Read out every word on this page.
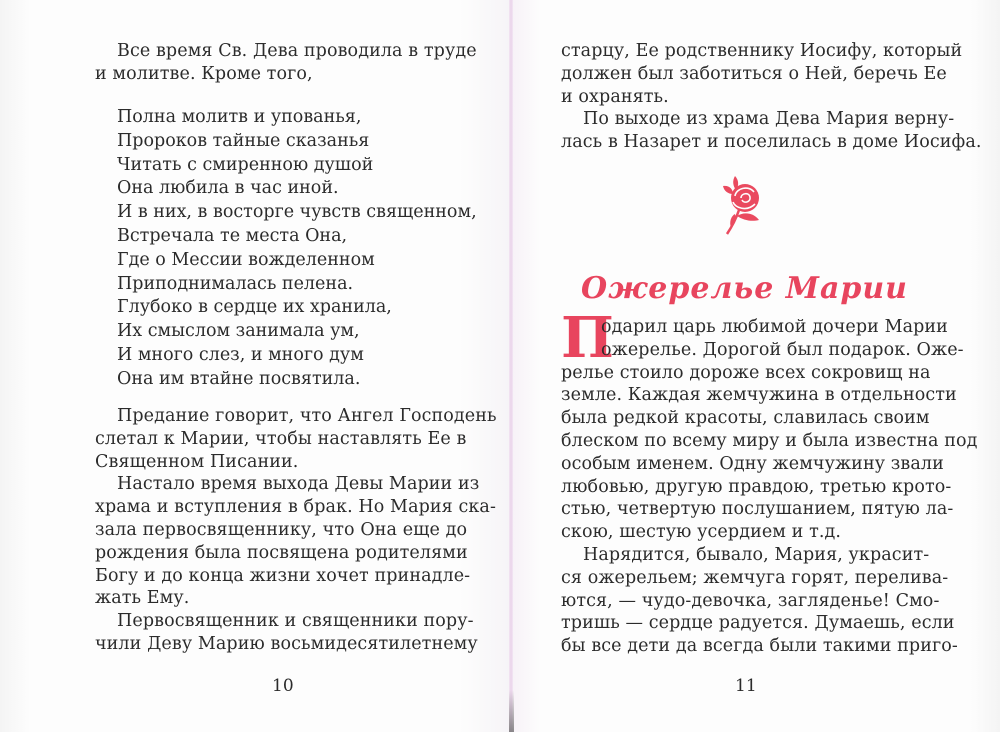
Все время Св. Дева проводила в труде
и молитве. Кроме того,
Полна молитв и упованья,
Пророков тайные сказанья
Читать с смиренною душой
Она любила в час иной.
И в них, в восторге чувств священном,
Встречала те места Она,
Где о Мессии вожделенном
Приподнималась пелена.
Глубоко в сердце их хранила,
Их смыслом занимала ум,
И много слез, и много дум
Она им втайне посвятила.
Предание говорит, что Ангел Господень
слетал к Марии, чтобы наставлять Ее в
Священном Писании.
Настало время выхода Девы Марии из
храма и вступления в брак. Но Мария ска-
зала первосвященнику, что Она еще до
рождения была посвящена родителями
Богу и до конца жизни хочет принадле-
жать Ему.
Первосвященник и священники пору-
чили Деву Марию восьмидесятилетнему
10
старцу, Ее родственнику Иосифу, который
должен был заботиться о Ней, беречь Ее
и охранять.
По выходе из храма Дева Мария верну-
лась в Назарет и поселилась в доме Иосифа.
Ожерелье Марии
П
одарил царь любимой дочери Марии
ожерелье. Дорогой был подарок. Оже-
релье стоило дороже всех сокровищ на
земле. Каждая жемчужина в отдельности
была редкой красоты, славилась своим
блеском по всему миру и была известна под
особым именем. Одну жемчужину звали
любовью, другую правдою, третью крото-
стью, четвертую послушанием, пятую ла-
скою, шестую усердием и т.д.
Нарядится, бывало, Мария, украсит-
ся ожерельем; жемчуга горят, перелива-
ются, — чудо-девочка, загляденье! Смо-
тришь — сердце радуется. Думаешь, если
бы все дети да всегда были такими приго-
11
